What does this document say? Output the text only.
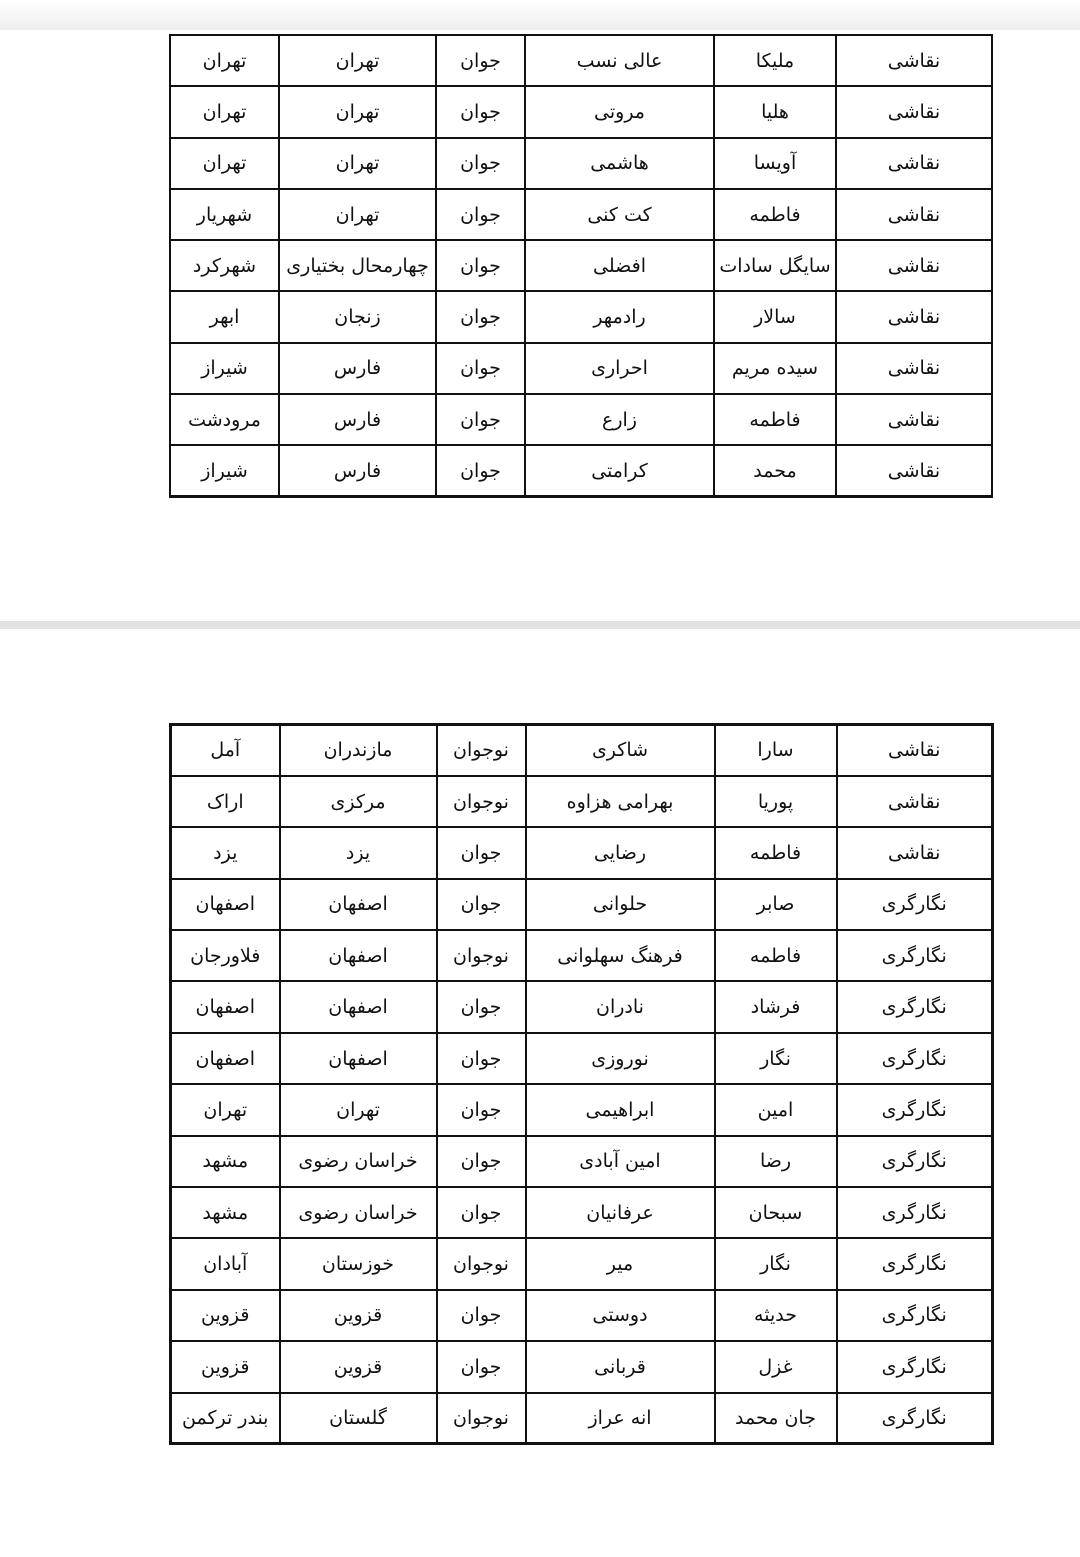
نقاشی	ملیکا	عالی نسب	جوان	تهران	تهران
نقاشی	هلیا	مروتی	جوان	تهران	تهران
نقاشی	آویسا	هاشمی	جوان	تهران	تهران
نقاشی	فاطمه	کت کنی	جوان	تهران	شهریار
نقاشی	سایگل سادات	افضلی	جوان	چهارمحال بختیاری	شهرکرد
نقاشی	سالار	رادمهر	جوان	زنجان	ابهر
نقاشی	سیده مریم	احراری	جوان	فارس	شیراز
نقاشی	فاطمه	زارع	جوان	فارس	مرودشت
نقاشی	محمد	کرامتی	جوان	فارس	شیراز
نقاشی	سارا	شاکری	نوجوان	مازندران	آمل
نقاشی	پوریا	بهرامی هزاوه	نوجوان	مرکزی	اراک
نقاشی	فاطمه	رضایی	جوان	یزد	یزد
نگارگری	صابر	حلوانی	جوان	اصفهان	اصفهان
نگارگری	فاطمه	فرهنگ سهلوانی	نوجوان	اصفهان	فلاورجان
نگارگری	فرشاد	نادران	جوان	اصفهان	اصفهان
نگارگری	نگار	نوروزی	جوان	اصفهان	اصفهان
نگارگری	امین	ابراهیمی	جوان	تهران	تهران
نگارگری	رضا	امین آبادی	جوان	خراسان رضوی	مشهد
نگارگری	سبحان	عرفانیان	جوان	خراسان رضوی	مشهد
نگارگری	نگار	میر	نوجوان	خوزستان	آبادان
نگارگری	حدیثه	دوستی	جوان	قزوین	قزوین
نگارگری	غزل	قربانی	جوان	قزوین	قزوین
نگارگری	جان محمد	انه عراز	نوجوان	گلستان	بندر ترکمن
